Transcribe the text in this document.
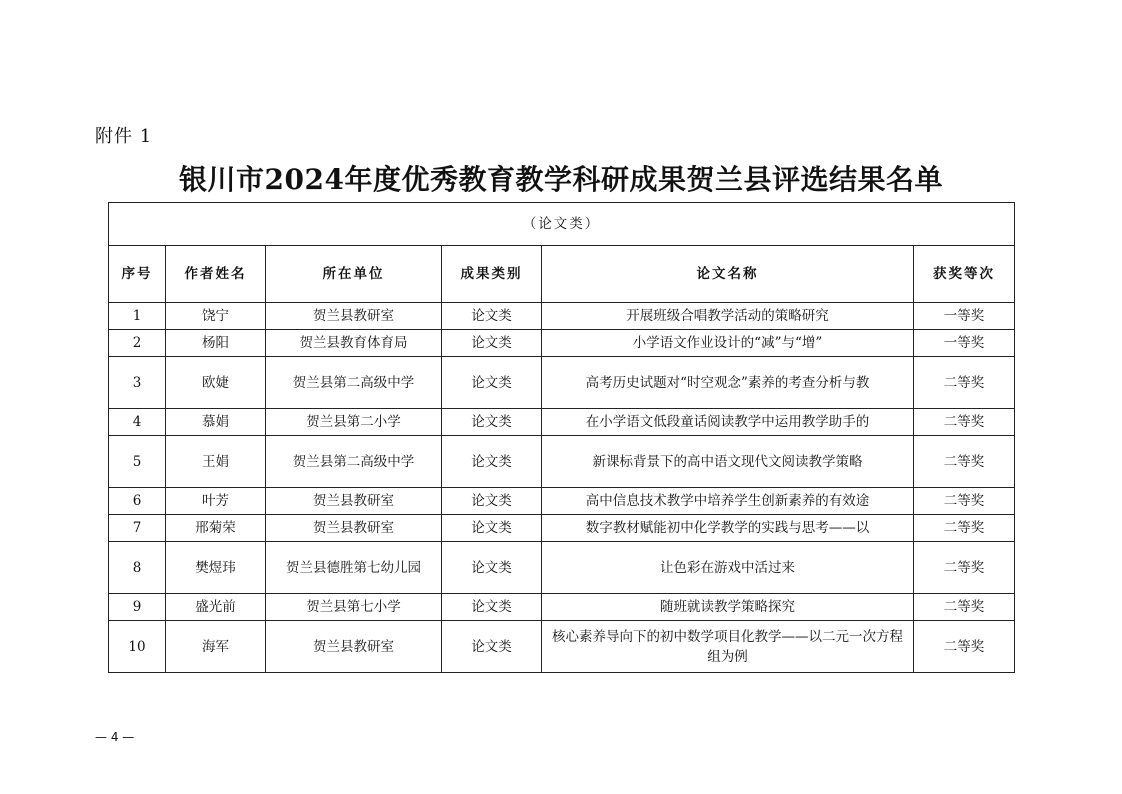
附件 1
银川市2024年度优秀教育教学科研成果贺兰县评选结果名单
（论文类）					
序号	作者姓名	所在单位	成果类别	论文名称	获奖等次
1	饶宁	贺兰县教研室	论文类	开展班级合唱教学活动的策略研究	一等奖
2	杨阳	贺兰县教育体育局	论文类	小学语文作业设计的“减”与“增”	一等奖
3	欧婕	贺兰县第二高级中学	论文类	高考历史试题对“时空观念”素养的考查分析与教	二等奖
4	慕娟	贺兰县第二小学	论文类	在小学语文低段童话阅读教学中运用教学助手的	二等奖
5	王娟	贺兰县第二高级中学	论文类	新课标背景下的高中语文现代文阅读教学策略	二等奖
6	叶芳	贺兰县教研室	论文类	高中信息技术教学中培养学生创新素养的有效途	二等奖
7	邢菊荣	贺兰县教研室	论文类	数字教材赋能初中化学教学的实践与思考——以	二等奖
8	樊煜玮	贺兰县德胜第七幼儿园	论文类	让色彩在游戏中活过来	二等奖
9	盛光前	贺兰县第七小学	论文类	随班就读教学策略探究	二等奖
10	海军	贺兰县教研室	论文类	核心素养导向下的初中数学项目化教学——以二元一次方程组为例	二等奖
— 4 —
